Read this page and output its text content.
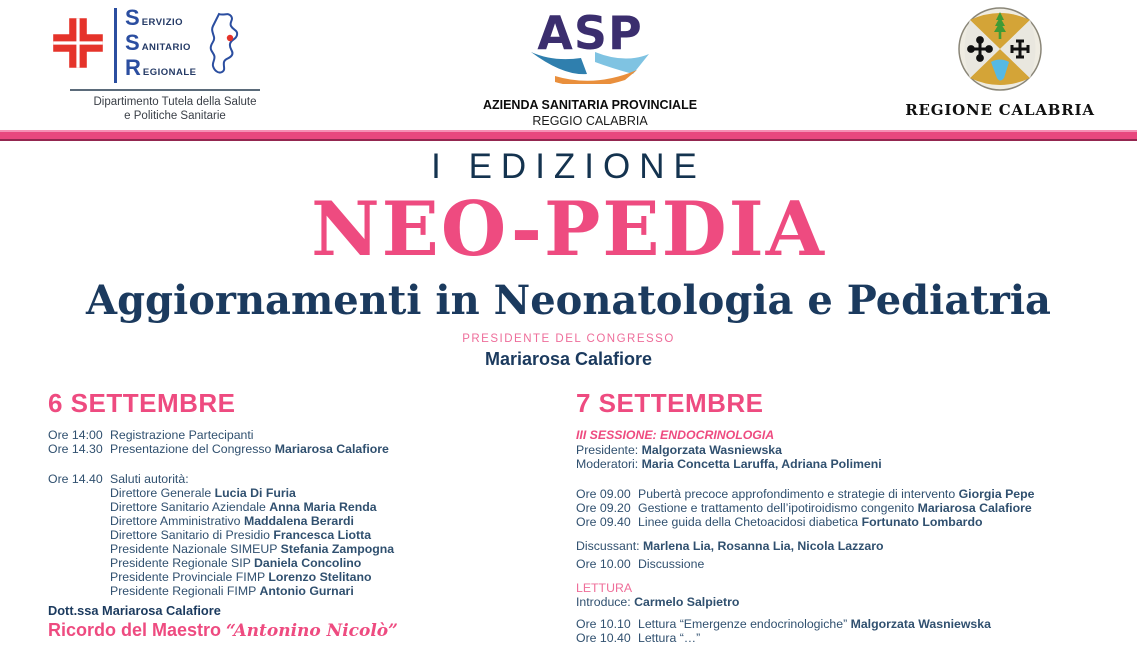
S ERVIZIO
S ANITARIO
R EGIONALE
Dipartimento Tutela della Salute
e Politiche Sanitarie
ASP
AZIENDA SANITARIA PROVINCIALE
REGGIO CALABRIA
REGIONE CALABRIA
I EDIZIONE
NEO-PEDIA
Aggiornamenti in Neonatologia e Pediatria
PRESIDENTE DEL CONGRESSO
Mariarosa Calafiore
6 SETTEMBRE
Ore 14:00 Registrazione Partecipanti
Ore 14.30 Presentazione del Congresso Mariarosa Calafiore
Ore 14.40 Saluti autorità:
Direttore Generale Lucia Di Furia
Direttore Sanitario Aziendale Anna Maria Renda
Direttore Amministrativo Maddalena Berardi
Direttore Sanitario di Presidio Francesca Liotta
Presidente Nazionale SIMEUP Stefania Zampogna
Presidente Regionale SIP Daniela Concolino
Presidente Provinciale FIMP Lorenzo Stelitano
Presidente Regionali FIMP Antonio Gurnari
Dott.ssa Mariarosa Calafiore
Ricordo del Maestro “Antonino Nicolò”
7 SETTEMBRE
III SESSIONE: ENDOCRINOLOGIA
Presidente: Malgorzata Wasniewska
Moderatori: Maria Concetta Laruffa, Adriana Polimeni
Ore 09.00 Pubertà precoce approfondimento e strategie di intervento Giorgia Pepe
Ore 09.20 Gestione e trattamento dell’ipotiroidismo congenito Mariarosa Calafiore
Ore 09.40 Linee guida della Chetoacidosi diabetica Fortunato Lombardo
Discussant: Marlena Lia, Rosanna Lia, Nicola Lazzaro
Ore 10.00 Discussione
LETTURA
Introduce: Carmelo Salpietro
Ore 10.10 Lettura “Emergenze endocrinologiche” Malgorzata Wasniewska
Ore 10.40 Lettura “…”
